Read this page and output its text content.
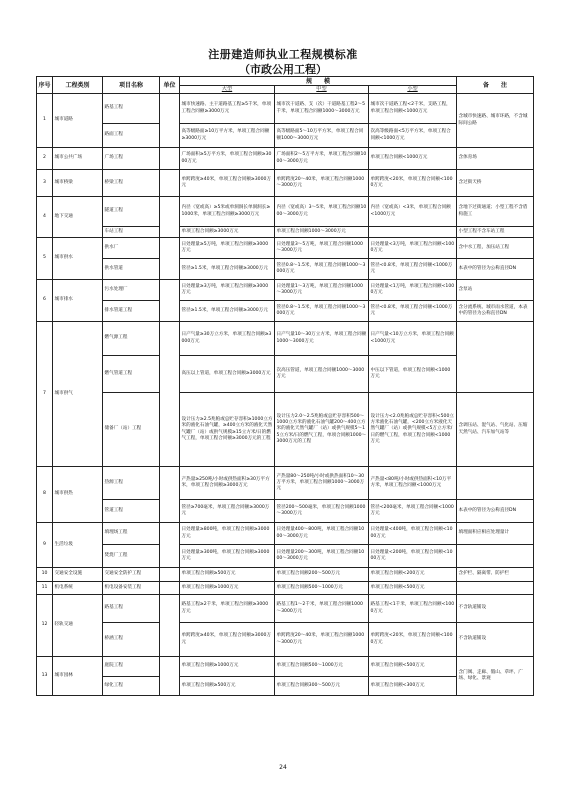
注册建造师执业工程规模标准
（市政公用工程）
序号	工程类别	项目名称	单位	规　　模			备　　注
				大型	中型	小型	
1	城市道路	路基工程		城市快速路、主干道路基工程≥5千米，单项工程合同额≥3000万元	城市次干道路、支（次）干道路基工程2～5千米，单项工程合同额1000～3000万元	城市次干道路工程<2千米，支路工程，单项工程合同额<1000万元	含城市快速路、城市环路，不含城际间公路
		路面工程		高等级路面≥10万平方米，单项工程合同额≥3000万元	高等级路面5～10万平方米，单项工程合同额1000～3000万元	次高等级路面<5万平方米，单项工程合同额<1000万元	
2	城市公共广场	广场工程		广场面积≥5万平方米，单项工程合同额≥3000万元	广场面积2～5万平方米，单项工程合同额1000～3000万元	单项工程合同额<1000万元	含体育场
3	城市桥梁	桥梁工程		单跨跨度≥40米，单项工程合同额≥3000万元	单跨跨度20～40米，单项工程合同额1000～3000万元	单跨跨度<20米，单项工程合同额<1000万元	含过街天桥
4	地下交通	隧道工程		内径（宽或高）≥5米或单洞洞长单洞洞长≥1000米，单项工程合同额≥3000万元	内径（宽或高）3～5米，单项工程合同额1000～3000万元	内径（宽或高）<3米，单项工程合同额<1000万元	含地下过街通道；小型工程不含盾构施工
		车站工程		单项工程合同额≥3000万元	单项工程合同额1000～3000万元		小型工程不含车站工程
5	城市供水	供水厂		日处理量≥5万吨，单项工程合同额≥3000万元	日处理量3～5万吨，单项工程合同额1000～3000万元	日处理量<3万吨，单项工程合同额<1000万元	含中水工程，加压站工程
		供水管道		管径≥1.5米，单项工程合同额≥3000万元	管径0.8～1.5米，单项工程合同额1000～3000万元	管径<0.8米，单项工程合同额<1000万元	本表中的管径为公称直径DN
6	城市排水	污水处理厂		日处理量≥3万吨，单项工程合同额≥3000万元	日处理量1～3万吨，单项工程合同额1000～3000万元	日处理量<1万吨，单项工程合同额<1000万元	含泵站
		排水管道工程		管径≥1.5米，单项工程合同额≥3000万元	管径0.8～1.5米，单项工程合同额1000～3000万元	管径<0.8米，单项工程合同额<1000万元	含分流系统、城市雨水管道，本表中的管径为公称直径DN
7	城市供气	燃气源工程		日产气量≥30万立方米，单项工程合同额≥3000万元	日产气量10～30万立方米，单项工程合同额1000～3000万元	日产气量<10万立方米，单项工程合同额<1000万元	
		燃气管道工程		高压以上管道，单项工程合同额≥3000万元	次高压管道，单项工程合同额1000～3000万元	中压以下管道，单项工程合同额<1000万元	
		储备厂（站）工程		设计压力≥2.5兆帕或总贮存容积≥1000立方米的液化石油气罐，≥400立方米的液化天然气罐厂（站）或供气规模≥15立方米/日的燃气工程，单项工程合同额≥3000万元的工程	设计压力2.0～2.5兆帕或总贮存容积500～1000立方米的液化石油气罐200～400立方米的液化天然气罐厂（站）或供气规模5～15立方米/日的燃气工程，单项合同额1000～3000万元的工程	设计压力<2.0兆帕或总贮存容积<500立方米液化石油气罐，<200立方米液化天然气罐厂（站）或供气规模<5万立方米/日的燃气工程，单项工程合同额<1000万元	含调压站、混气站、气化站、压缩天然气站、汽车加气站等
8	城市供热	热源工程		产热量≥250吨/小时或供热面积≥30万平方米，单项工程合同额≥3000万元	产热量80～250吨/小时或供热面积10～30万平方米，单项工程合同额1000～3000万元	产热量<80吨/小时或供热面积<10万平方米，单项工程合同额<1000万元	
		管道工程		管径≥700毫米，单项工程合同额≥3000万元	管径200～500毫米，单项工程合同额1000～3000万元	管径<200毫米，单项工程合同额<1000万元	本表中的管径为公称直径DN
9	生活垃圾	填埋场工程		日处理量≥800吨，单项工程合同额≥3000万元	日处理量400～800吨，单项工程合同额1000～3000万元	日处理量<400吨，单项工程合同额<1000万元	填埋面积应相应处理量计
		焚烧厂工程		日处理量≥300吨，单项工程合同额≥3000万元	日处理量200～300吨，单项工程合同额1000～3000万元	日处理量<200吨，单项工程合同额<1000万元	
10	交通安全设施	交通安全防护工程		单项工程合同额≥500万元	单项工程合同额200～500万元	单项工程合同额<200万元	含护栏、隔离带、防护栏
11	机电系统	机电设备安装工程		单项工程合同额≥1000万元	单项工程合同额500～1000万元	单项工程合同额<500万元	
12	轻轨交通	路基工程		路基工程≥2千米，单项工程合同额≥3000万元	路基工程1～2千米，单项工程合同额1000～3000万元	路基工程<1千米，单项工程合同额<1000万元	不含轨道铺设
		桥涵工程		单跨跨度≥40米，单项工程合同额≥3000万元	单跨跨度20～40米，单项工程合同额1000～3000万元	单跨跨度<20米，单项工程合同额<1000万元	不含轨道铺设
13	城市园林	庭院工程		单项工程合同额≥1000万元	单项工程合同额500～1000万元	单项工程合同额<500万元	含门阀、走廊、假山、草坪、广场、绿化、景观
		绿化工程		单项工程合同额≥500万元	单项工程合同额300～500万元	单项工程合同额<300万元	
24
